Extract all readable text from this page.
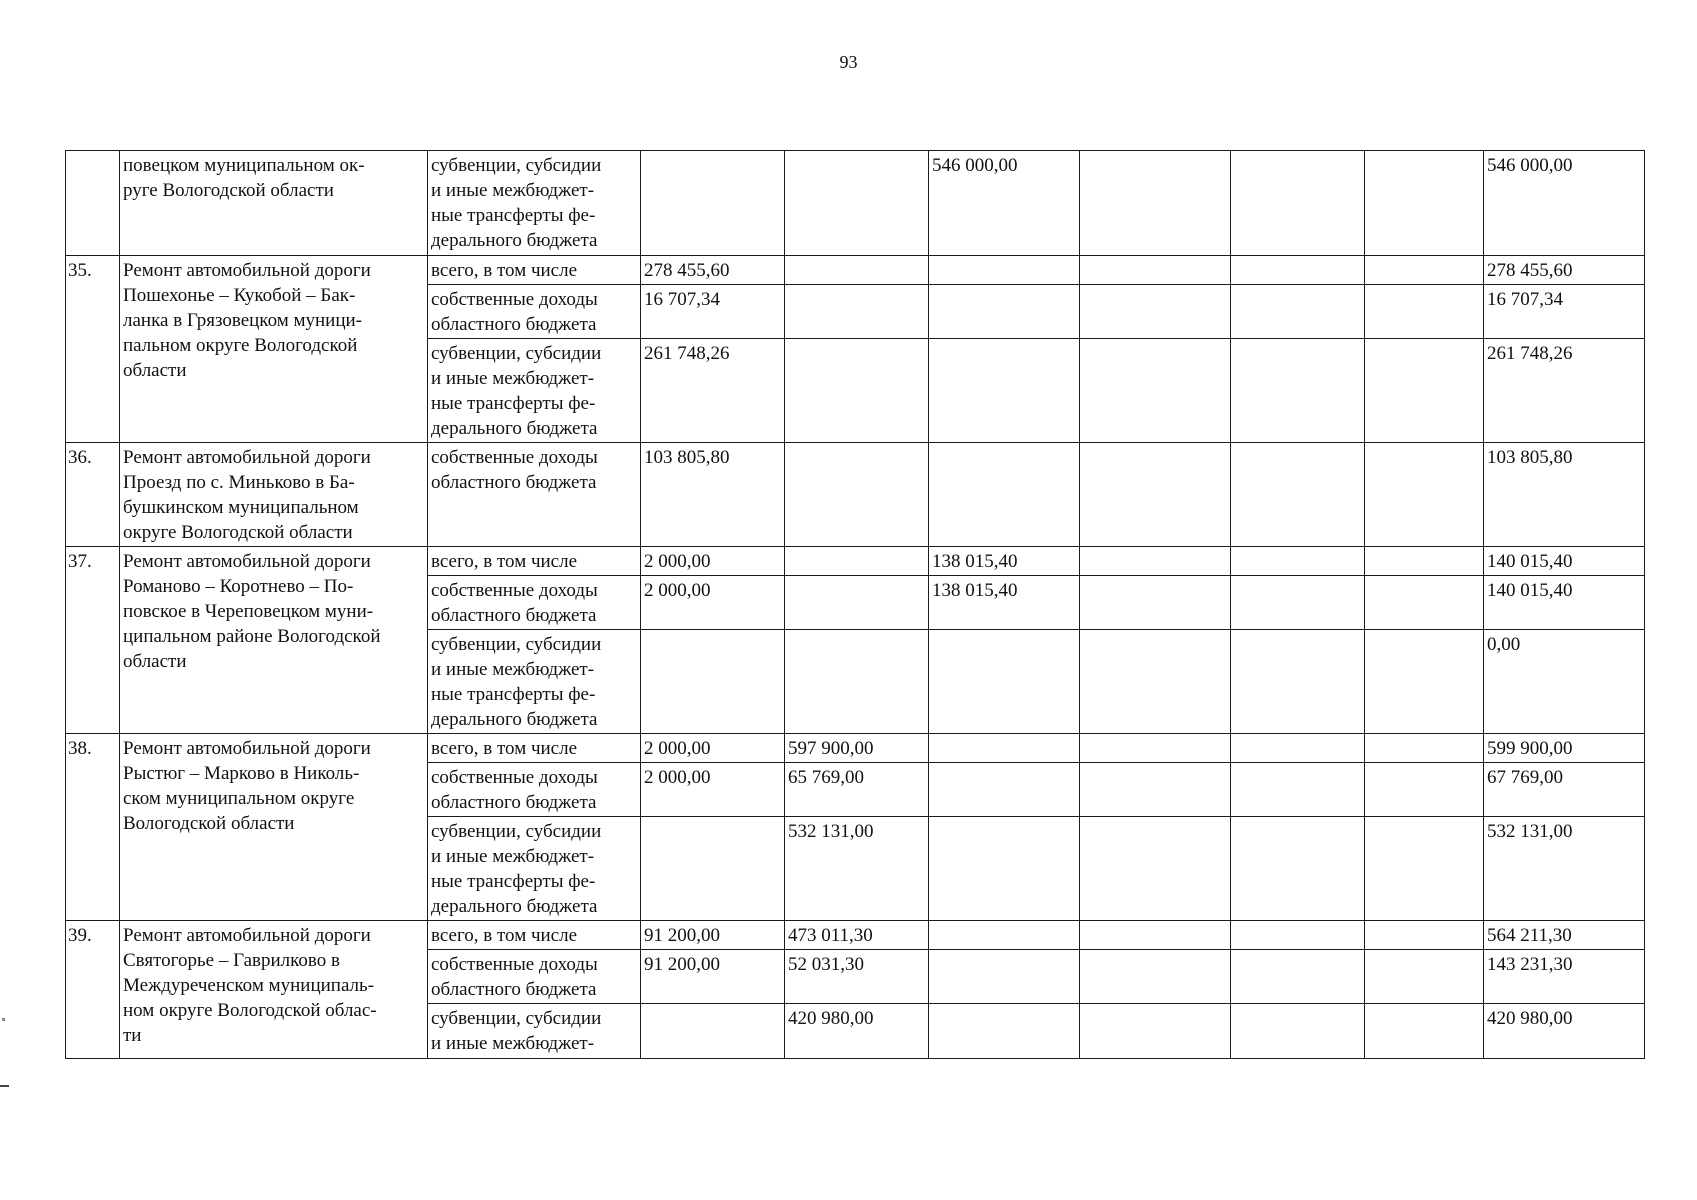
93
	повецком муниципальном ок-
руге Вологодской области	субвенции, субсидии
и иные межбюджет-
ные трансферты фе-
дерального бюджета			546 000,00				546 000,00
35.	Ремонт автомобильной дороги
Пошехонье – Кукобой – Бак-
ланка в Грязовецком муници-
пальном округе Вологодской
области	всего, в том числе	278 455,60						278 455,60
		собственные доходы
областного бюджета	16 707,34						16 707,34
		субвенции, субсидии
и иные межбюджет-
ные трансферты фе-
дерального бюджета	261 748,26						261 748,26
36.	Ремонт автомобильной дороги
Проезд по с. Миньково в Ба-
бушкинском муниципальном
округе Вологодской области	собственные доходы
областного бюджета	103 805,80						103 805,80
37.	Ремонт автомобильной дороги
Романово – Коротнево – По-
повское в Череповецком муни-
ципальном районе Вологодской
области	всего, в том числе	2 000,00		138 015,40				140 015,40
		собственные доходы
областного бюджета	2 000,00		138 015,40				140 015,40
		субвенции, субсидии
и иные межбюджет-
ные трансферты фе-
дерального бюджета							0,00
38.	Ремонт автомобильной дороги
Рыстюг – Марково в Николь-
ском муниципальном округе
Вологодской области	всего, в том числе	2 000,00	597 900,00					599 900,00
		собственные доходы
областного бюджета	2 000,00	65 769,00					67 769,00
		субвенции, субсидии
и иные межбюджет-
ные трансферты фе-
дерального бюджета		532 131,00					532 131,00
39.	Ремонт автомобильной дороги
Святогорье – Гаврилково в
Междуреченском муниципаль-
ном округе Вологодской облас-
ти	всего, в том числе	91 200,00	473 011,30					564 211,30
		собственные доходы
областного бюджета	91 200,00	52 031,30					143 231,30
		субвенции, субсидии
и иные межбюджет-		420 980,00					420 980,00
